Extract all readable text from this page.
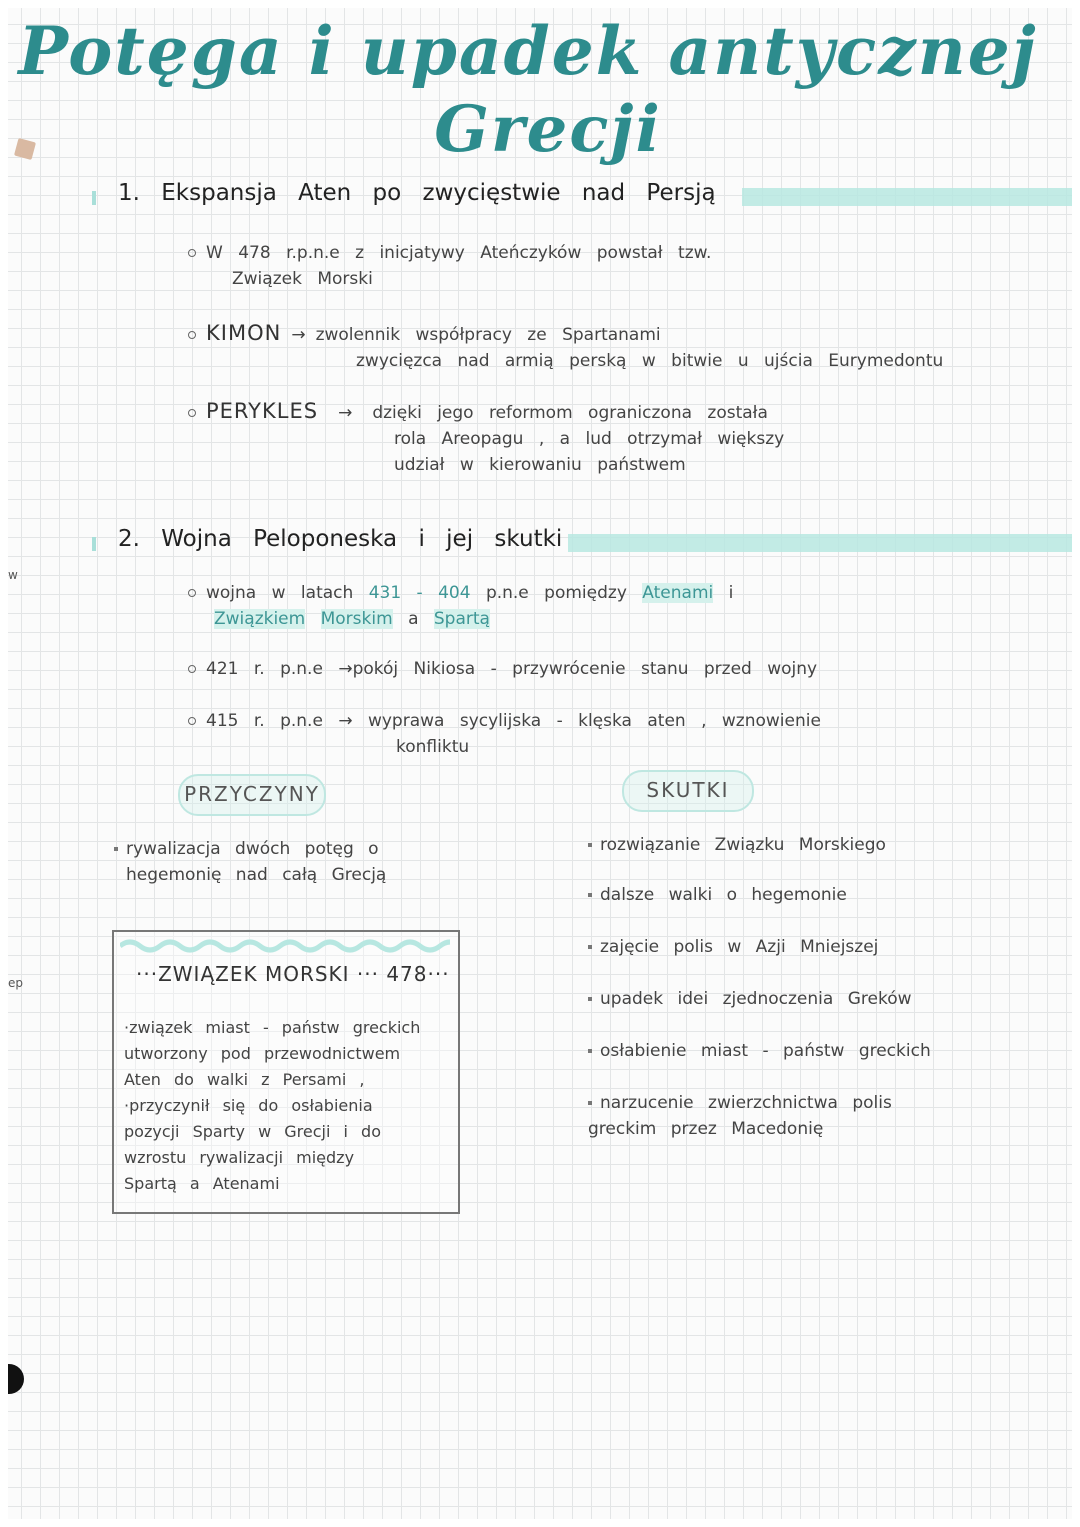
w
ep
Potęga i upadek antycznej
Grecji
1. Ekspansja Aten po zwycięstwie nad Persją
W 478 r.p.n.e z inicjatywy Ateńczyków powstał tzw.
Związek Morski
KIMON → zwolennik współpracy ze Spartanami
zwycięzca nad armią perską w bitwie u ujścia Eurymedontu
PERYKLES → dzięki jego reformom ograniczona została
rola Areopagu , a lud otrzymał większy
udział w kierowaniu państwem
2. Wojna Peloponeska i jej skutki
wojna w latach 431 - 404 p.n.e pomiędzy Atenami i
Związkiem Morskim a Spartą
421 r. p.n.e →pokój Nikiosa - przywrócenie stanu przed wojny
415 r. p.n.e → wyprawa sycylijska - klęska aten , wznowienie
konfliktu
PRZYCZYNY	SKUTKI
rywalizacja dwóch potęg o
hegemonię nad całą Grecją
rozwiązanie Związku Morskiego
dalsze walki o hegemonie
zajęcie polis w Azji Mniejszej
upadek idei zjednoczenia Greków
osłabienie miast - państw greckich
narzucenie zwierzchnictwa polis greckim przez Macedonię
···ZWIĄZEK MORSKI ··· 478···
·związek miast - państw greckich
utworzony pod przewodnictwem
Aten do walki z Persami ,
·przyczynił się do osłabienia
pozycji Sparty w Grecji i do
wzrostu rywalizacji między
Spartą a Atenami
